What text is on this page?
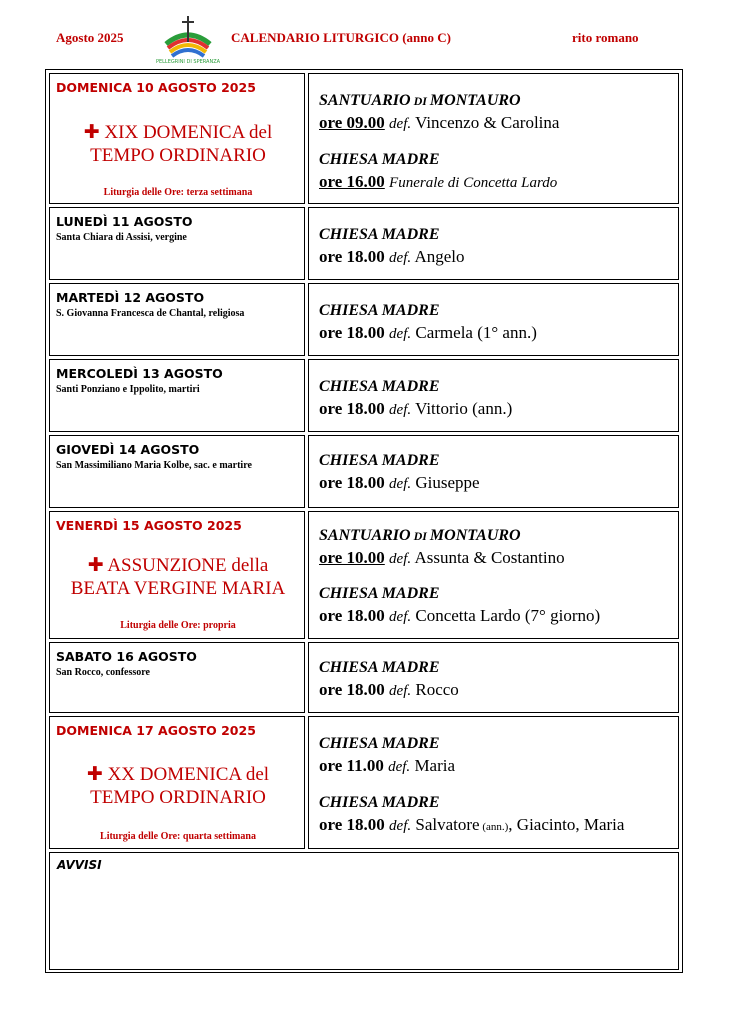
Agosto 2025
PELLEGRINI DI SPERANZA
CALENDARIO LITURGICO (anno C)	rito romano
DOMENICA 10 AGOSTO 2025
✚ XIX DOMENICA del
TEMPO ORDINARIO
Liturgia delle Ore: terza settimana
SANTUARIO DI MONTAURO
ore 09.00 def. Vincenzo & Carolina
CHIESA MADRE
ore 16.00 Funerale di Concetta Lardo
LUNEDÌ 11 AGOSTO
Santa Chiara di Assisi, vergine	CHIESA MADRE
ore 18.00 def. Angelo
MARTEDÌ 12 AGOSTO
S. Giovanna Francesca de Chantal, religiosa	CHIESA MADRE
ore 18.00 def. Carmela (1° ann.)
MERCOLEDÌ 13 AGOSTO
Santi Ponziano e Ippolito, martiri	CHIESA MADRE
ore 18.00 def. Vittorio (ann.)
GIOVEDÌ 14 AGOSTO
San Massimiliano Maria Kolbe, sac. e martire	CHIESA MADRE
ore 18.00 def. Giuseppe
VENERDÌ 15 AGOSTO 2025
✚ ASSUNZIONE della
BEATA VERGINE MARIA
Liturgia delle Ore: propria
SANTUARIO DI MONTAURO
ore 10.00 def. Assunta & Costantino
CHIESA MADRE
ore 18.00 def. Concetta Lardo (7° giorno)
SABATO 16 AGOSTO
San Rocco, confessore	CHIESA MADRE
ore 18.00 def. Rocco
DOMENICA 17 AGOSTO 2025
✚ XX DOMENICA del
TEMPO ORDINARIO
Liturgia delle Ore: quarta settimana
CHIESA MADRE
ore 11.00 def. Maria
CHIESA MADRE
ore 18.00 def. Salvatore (ann.), Giacinto, Maria
AVVISI
